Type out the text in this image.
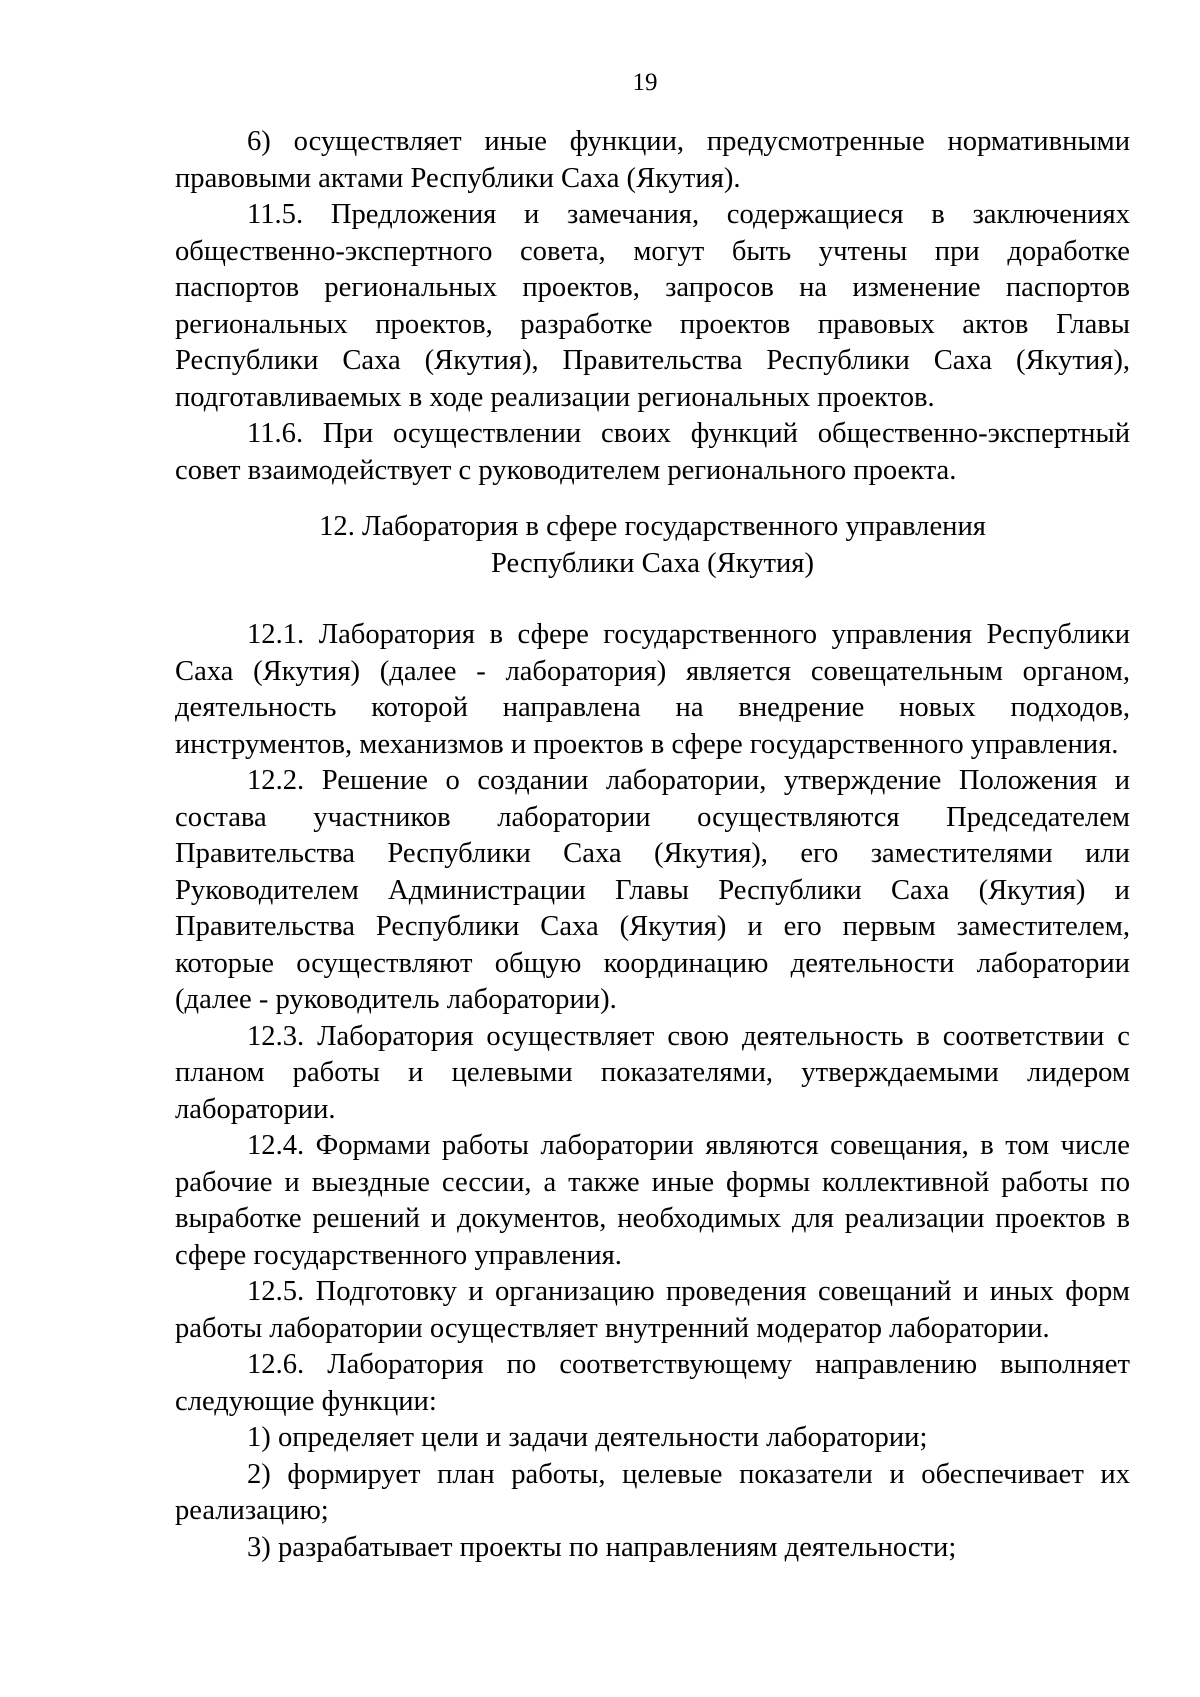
19

6) осуществляет иные функции, предусмотренные нормативными правовыми актами Республики Саха (Якутия).

11.5. Предложения и замечания, содержащиеся в заключениях общественно-экспертного совета, могут быть учтены при доработке паспортов региональных проектов, запросов на изменение паспортов региональных проектов, разработке проектов правовых актов Главы Республики Саха (Якутия), Правительства Республики Саха (Якутия), подготавливаемых в ходе реализации региональных проектов.

11.6. При осуществлении своих функций общественно-экспертный совет взаимодействует с руководителем регионального проекта.

12. Лаборатория в сфере государственного управления
Республики Саха (Якутия)

12.1. Лаборатория в сфере государственного управления Республики Саха (Якутия) (далее - лаборатория) является совещательным органом, деятельность которой направлена на внедрение новых подходов, инструментов, механизмов и проектов в сфере государственного управления.

12.2. Решение о создании лаборатории, утверждение Положения и состава участников лаборатории осуществляются Председателем Правительства Республики Саха (Якутия), его заместителями или Руководителем Администрации Главы Республики Саха (Якутия) и Правительства Республики Саха (Якутия) и его первым заместителем, которые осуществляют общую координацию деятельности лаборатории (далее - руководитель лаборатории).

12.3. Лаборатория осуществляет свою деятельность в соответствии с планом работы и целевыми показателями, утверждаемыми лидером лаборатории.

12.4. Формами работы лаборатории являются совещания, в том числе рабочие и выездные сессии, а также иные формы коллективной работы по выработке решений и документов, необходимых для реализации проектов в сфере государственного управления.

12.5. Подготовку и организацию проведения совещаний и иных форм работы лаборатории осуществляет внутренний модератор лаборатории.

12.6. Лаборатория по соответствующему направлению выполняет следующие функции:

1) определяет цели и задачи деятельности лаборатории;

2) формирует план работы, целевые показатели и обеспечивает их реализацию;

3) разрабатывает проекты по направлениям деятельности;
